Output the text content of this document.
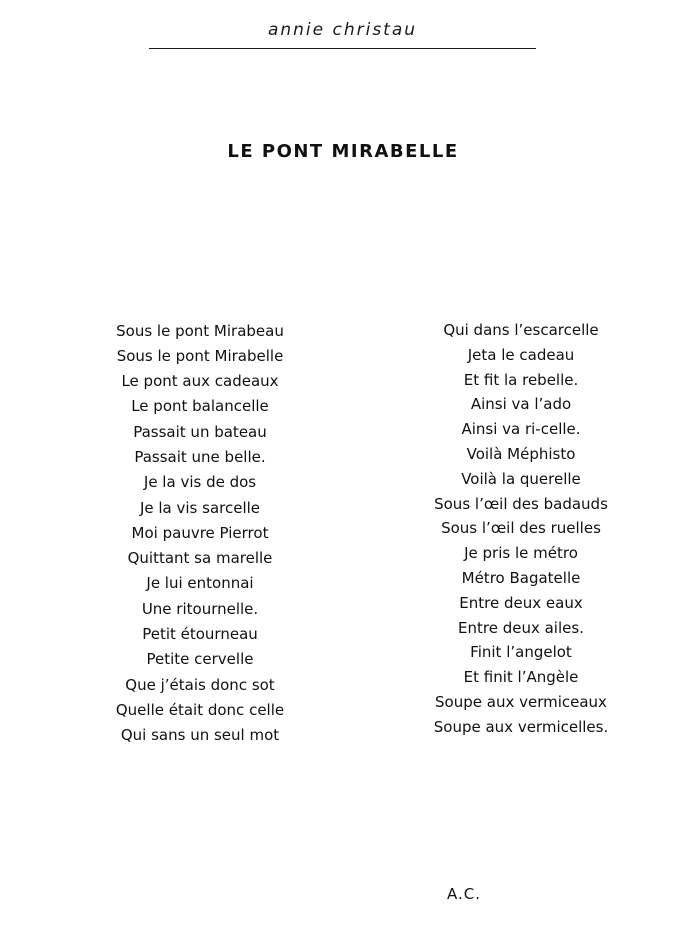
annie christau
LE PONT MIRABELLE
Sous le pont Mirabeau
Sous le pont Mirabelle
Le pont aux cadeaux
Le pont balancelle
Passait un bateau
Passait une belle.
Je la vis de dos
Je la vis sarcelle
Moi pauvre Pierrot
Quittant sa marelle
Je lui entonnai
Une ritournelle.
Petit étourneau
Petite cervelle
Que j’étais donc sot
Quelle était donc celle
Qui sans un seul mot
Qui dans l’escarcelle
Jeta le cadeau
Et fit la rebelle.
Ainsi va l’ado
Ainsi va ri-celle.
Voilà Méphisto
Voilà la querelle
Sous l’œil des badauds
Sous l’œil des ruelles
Je pris le métro
Métro Bagatelle
Entre deux eaux
Entre deux ailes.
Finit l’angelot
Et finit l’Angèle
Soupe aux vermiceaux
Soupe aux vermicelles.
A.C.
